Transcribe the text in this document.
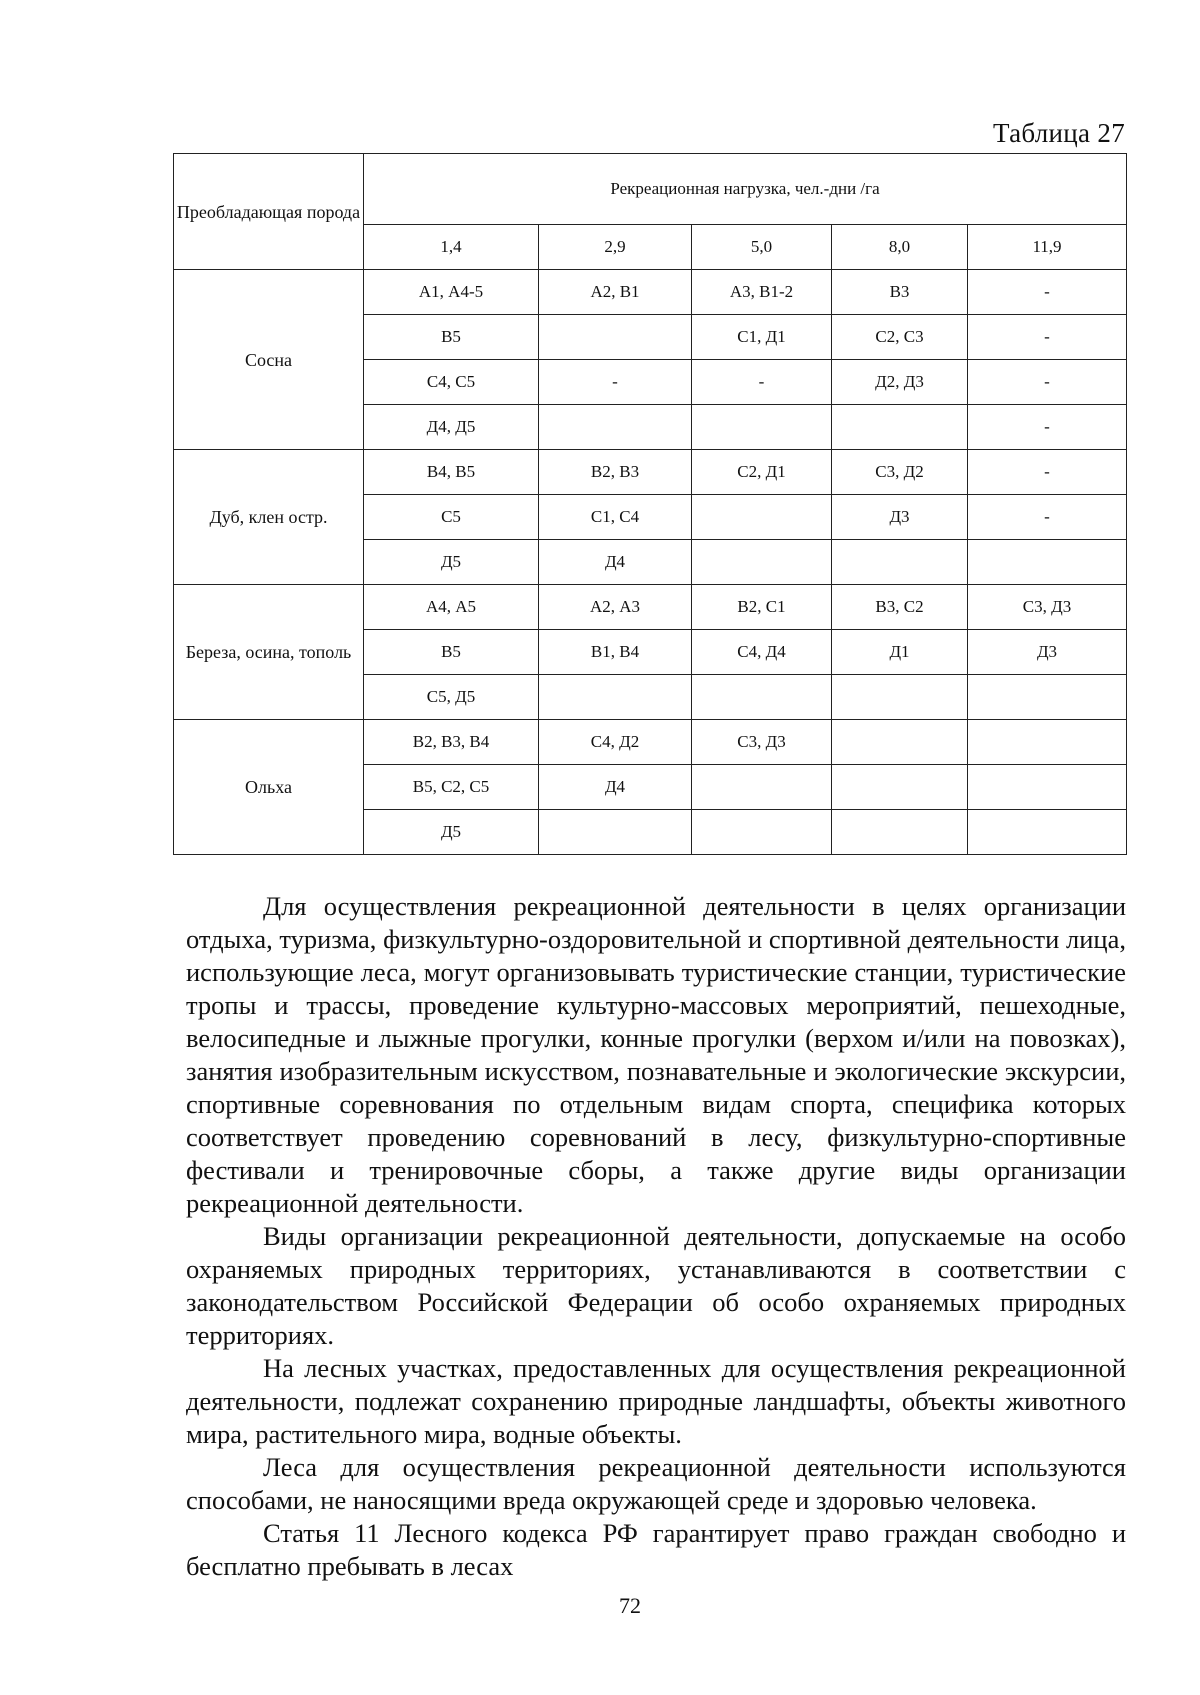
Таблица 27
Преобладающая порода	Рекреационная нагрузка, чел.-дни /га				
	1,4	2,9	5,0	8,0	11,9
Сосна	А1, А4-5	А2, В1	А3, В1-2	В3	-
	В5		С1, Д1	С2, С3	-
	С4, С5	-	-	Д2, Д3	-
	Д4, Д5				-
Дуб, клен остр.	В4, В5	В2, В3	С2, Д1	С3, Д2	-
	С5	С1, С4		Д3	-
	Д5	Д4			
Береза, осина, тополь	А4, А5	А2, А3	В2, С1	В3, С2	С3, Д3
	В5	В1, В4	С4, Д4	Д1	Д3
	С5, Д5				
Ольха	В2, В3, В4	С4, Д2	С3, Д3		
	В5, С2, С5	Д4			
	Д5				

Для осуществления рекреационной деятельности в целях организации отдыха, туризма, физкультурно-оздоровительной и спортивной деятельности лица, использующие леса, могут организовывать туристические станции, туристические тропы и трассы, проведение культурно-массовых мероприятий, пешеходные, велосипедные и лыжные прогулки, конные прогулки (верхом и/или на повозках), занятия изобразительным искусством, познавательные и экологические экскурсии, спортивные соревнования по отдельным видам спорта, специфика которых соответствует проведению соревнований в лесу, физкультурно-спортивные фестивали и тренировочные сборы, а также другие виды организации рекреационной деятельности.

Виды организации рекреационной деятельности, допускаемые на особо охраняемых природных территориях, устанавливаются в соответствии с законодательством Российской Федерации об особо охраняемых природных территориях.

На лесных участках, предоставленных для осуществления рекреационной деятельности, подлежат сохранению природные ландшафты, объекты животного мира, растительного мира, водные объекты.

Леса для осуществления рекреационной деятельности используются способами, не наносящими вреда окружающей среде и здоровью человека.

Статья 11 Лесного кодекса РФ гарантирует право граждан свободно и бесплатно пребывать в лесах

72
